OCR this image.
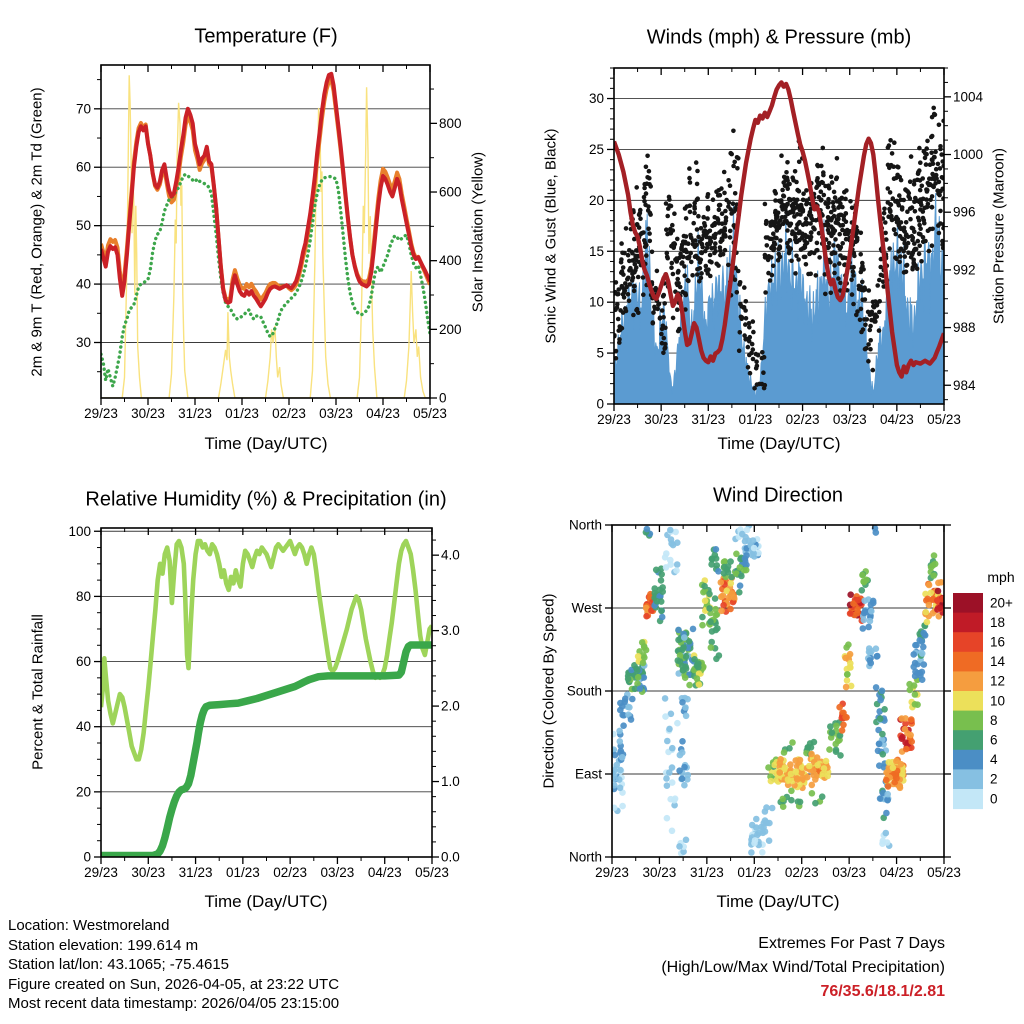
29/23 30/23 31/23 01/23 02/23 03/23 04/23 05/23
30
40
50
60
70
0
200
400
600
800
29/23 30/23 31/23 01/23 02/23 03/23 04/23 05/23
0
5
10
15
20
25
30
984
988
992
996
1000
1004
29/23 30/23 31/23 01/23 02/23 03/23 04/23 05/23
0
20
40
60
80
100
0.0
1.0
2.0
3.0
4.0
29/23 30/23 31/23 01/23 02/23 03/23 04/23 05/23
North
West
South
East
North
20+
18
16
14
12
10
8
6
4
2
0
Temperature (F)	Winds (mph) & Pressure (mb)
Relative Humidity (%) & Precipitation (in)	Wind Direction
Time (Day/UTC)	Time (Day/UTC)
Time (Day/UTC)	Time (Day/UTC)
2m & 9m T (Red, Orange) & 2m Td (Green)	Solar Insolation (Yellow)	Sonic Wind & Gust (Blue, Black)	Station Pressure (Maroon)
Percent & Total Rainfall	Direction (Colored By Speed)
mph
Location: Westmoreland
Station elevation: 199.614 m
Station lat/lon: 43.1065; -75.4615
Figure created on Sun, 2026-04-05, at 23:22 UTC
Most recent data timestamp: 2026/04/05 23:15:00
Extremes For Past 7 Days
(High/Low/Max Wind/Total Precipitation)
76/35.6/18.1/2.81
